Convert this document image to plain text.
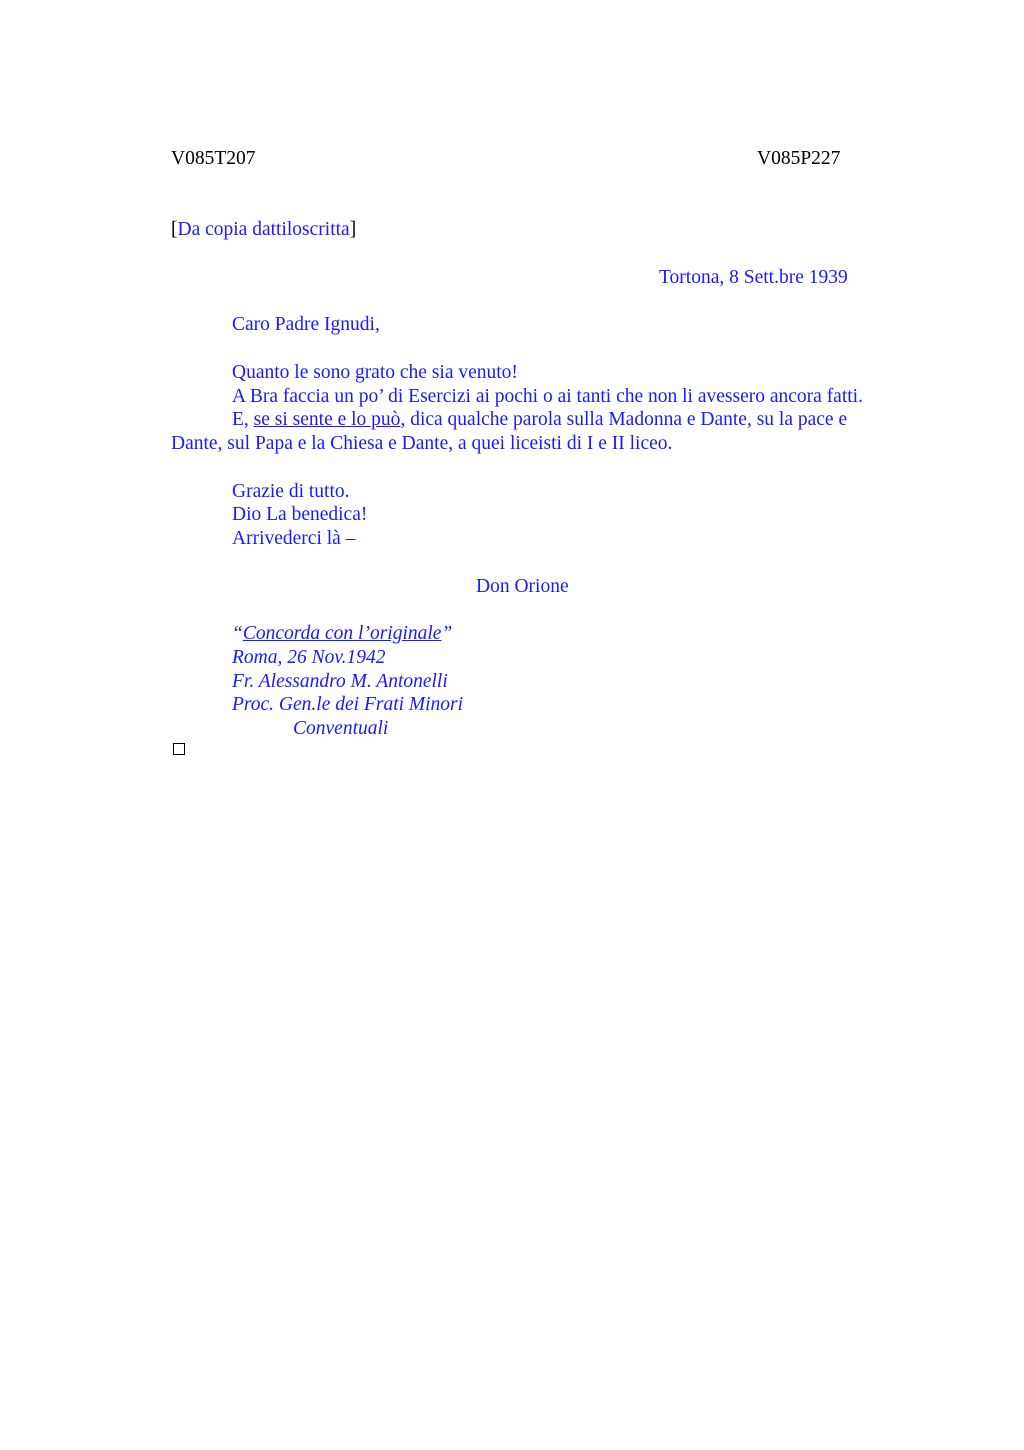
V085T207	V085P227
[Da copia dattiloscritta]
Tortona, 8 Sett.bre 1939
Caro Padre Ignudi,
Quanto le sono grato che sia venuto!
A Bra faccia un po’ di Esercizi ai pochi o ai tanti che non li avessero ancora fatti.
E, se si sente e lo può, dica qualche parola sulla Madonna e Dante, su la pace e
Dante, sul Papa e la Chiesa e Dante, a quei liceisti di I e II liceo.
Grazie di tutto.
Dio La benedica!
Arrivederci là –
Don Orione
“Concorda con l’originale”
Roma, 26 Nov.1942
Fr. Alessandro M. Antonelli
Proc. Gen.le dei Frati Minori
Conventuali
